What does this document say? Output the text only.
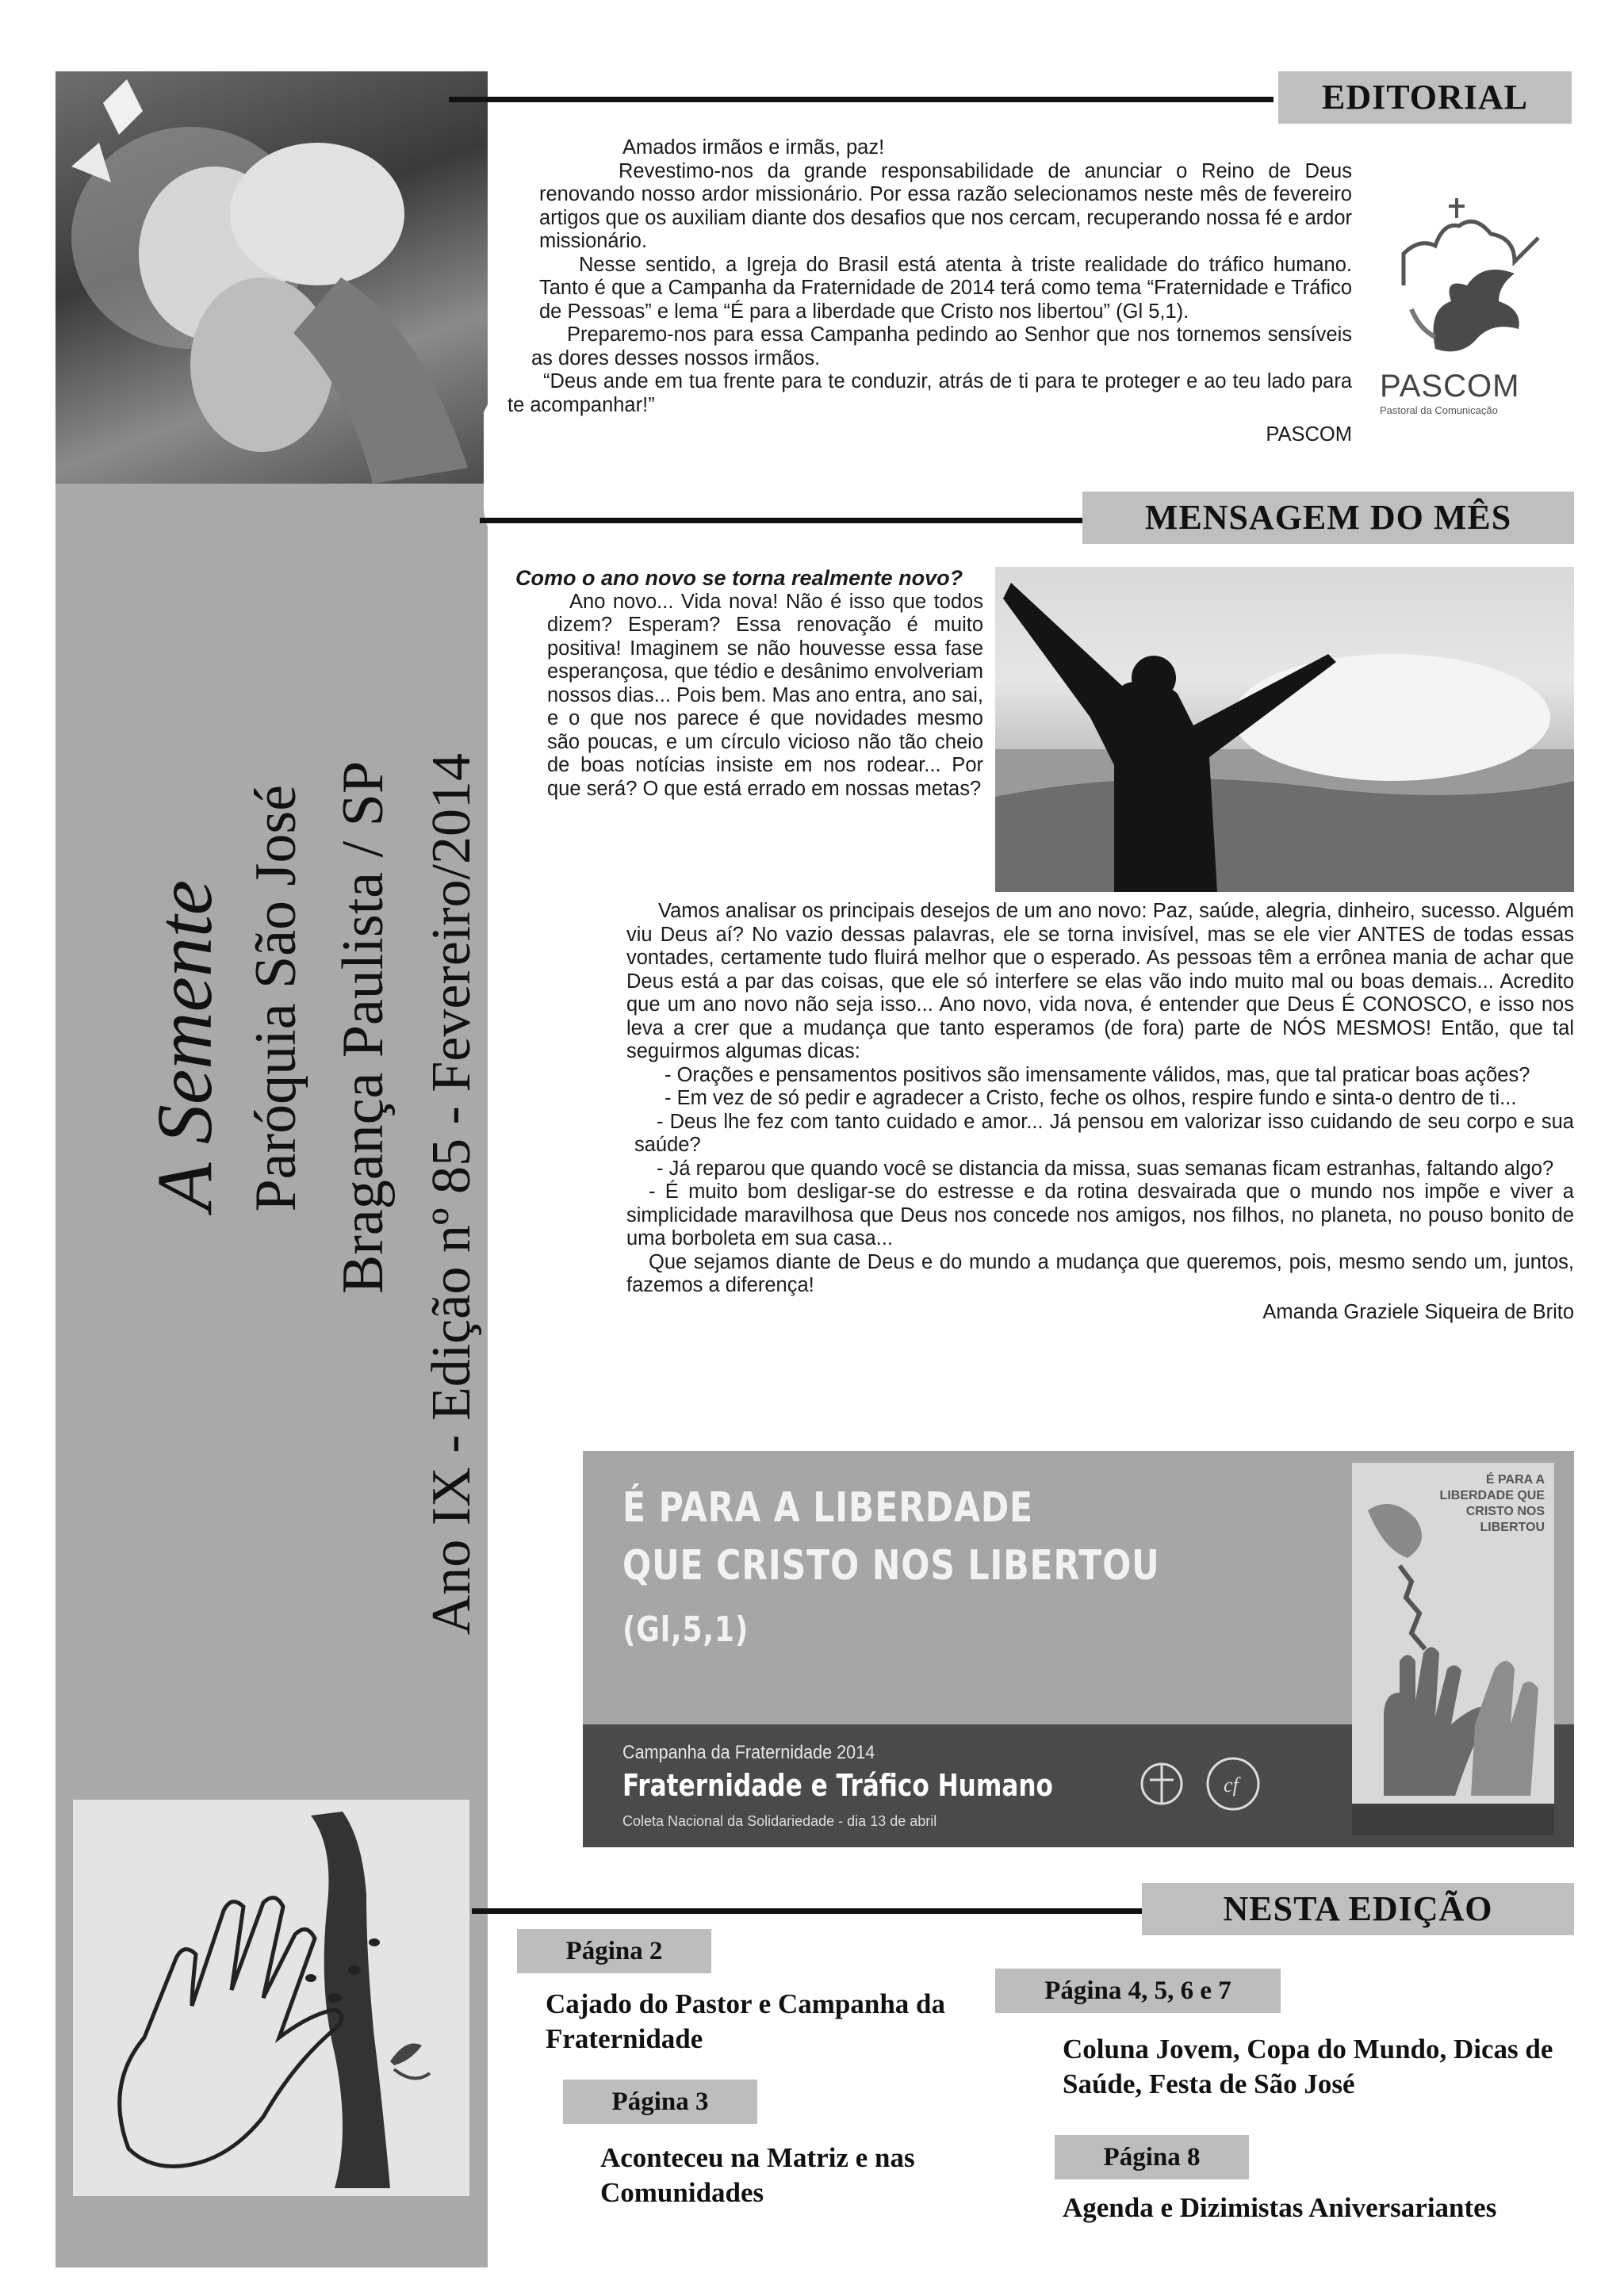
A Semente Paróquia São José Bragança Paulista / SP Ano IX - Edição nº 85 - Fevereiro/2014
EDITORIAL

Amados irmãos e irmãs, paz!

Revestimo-nos da grande responsabilidade de anunciar o Reino de Deus renovando nosso ardor missionário. Por essa razão selecionamos neste mês de fevereiro artigos que os auxiliam diante dos desafios que nos cercam, recuperando nossa fé e ardor missionário.

Nesse sentido, a Igreja do Brasil está atenta à triste realidade do tráfico humano. Tanto é que a Campanha da Fraternidade de 2014 terá como tema “Fraternidade e Tráfico de Pessoas” e lema “É para a liberdade que Cristo nos libertou” (Gl 5,1).

Preparemo-nos para essa Campanha pedindo ao Senhor que nos tornemos sensíveis as dores desses nossos irmãos.

“Deus ande em tua frente para te conduzir, atrás de ti para te proteger e ao teu lado para te acompanhar!”

PASCOM
PASCOM
Pastoral da Comunicação
MENSAGEM DO MÊS
Como o ano novo se torna realmente novo?

Ano novo... Vida nova! Não é isso que todos dizem? Esperam? Essa renovação é muito positiva! Imaginem se não houvesse essa fase esperançosa, que tédio e desânimo envolveriam nossos dias... Pois bem. Mas ano entra, ano sai, e o que nos parece é que novidades mesmo são poucas, e um círculo vicioso não tão cheio de boas notícias insiste em nos rodear... Por que será? O que está errado em nossas metas?

Vamos analisar os principais desejos de um ano novo: Paz, saúde, alegria, dinheiro, sucesso. Alguém viu Deus aí? No vazio dessas palavras, ele se torna invisível, mas se ele vier ANTES de todas essas vontades, certamente tudo fluirá melhor que o esperado. As pessoas têm a errônea mania de achar que Deus está a par das coisas, que ele só interfere se elas vão indo muito mal ou boas demais... Acredito que um ano novo não seja isso... Ano novo, vida nova, é entender que Deus É CONOSCO, e isso nos leva a crer que a mudança que tanto esperamos (de fora) parte de NÓS MESMOS! Então, que tal seguirmos algumas dicas:

- Orações e pensamentos positivos são imensamente válidos, mas, que tal praticar boas ações?

- Em vez de só pedir e agradecer a Cristo, feche os olhos, respire fundo e sinta-o dentro de ti...

- Deus lhe fez com tanto cuidado e amor... Já pensou em valorizar isso cuidando de seu corpo e sua saúde?

- Já reparou que quando você se distancia da missa, suas semanas ficam estranhas, faltando algo?

- É muito bom desligar-se do estresse e da rotina desvairada que o mundo nos impõe e viver a simplicidade maravilhosa que Deus nos concede nos amigos, nos filhos, no planeta, no pouso bonito de uma borboleta em sua casa...

Que sejamos diante de Deus e do mundo a mudança que queremos, pois, mesmo sendo um, juntos, fazemos a diferença!

Amanda Graziele Siqueira de Brito
É PARA A LIBERDADE
QUE CRISTO NOS LIBERTOU
(Gl,5,1)
Campanha da Fraternidade 2014
Fraternidade e Tráfico Humano
Coleta Nacional da Solidariedade - dia 13 de abril
cf
É PARA A LIBERDADE QUE CRISTO NOS LIBERTOU
NESTA EDIÇÃO
Página 2
Cajado do Pastor e Campanha da Fraternidade
Página 3
Aconteceu na Matriz e nas Comunidades
Página 4, 5, 6 e 7
Coluna Jovem, Copa do Mundo, Dicas de Saúde, Festa de São José
Página 8
Agenda e Dizimistas Aniversariantes
